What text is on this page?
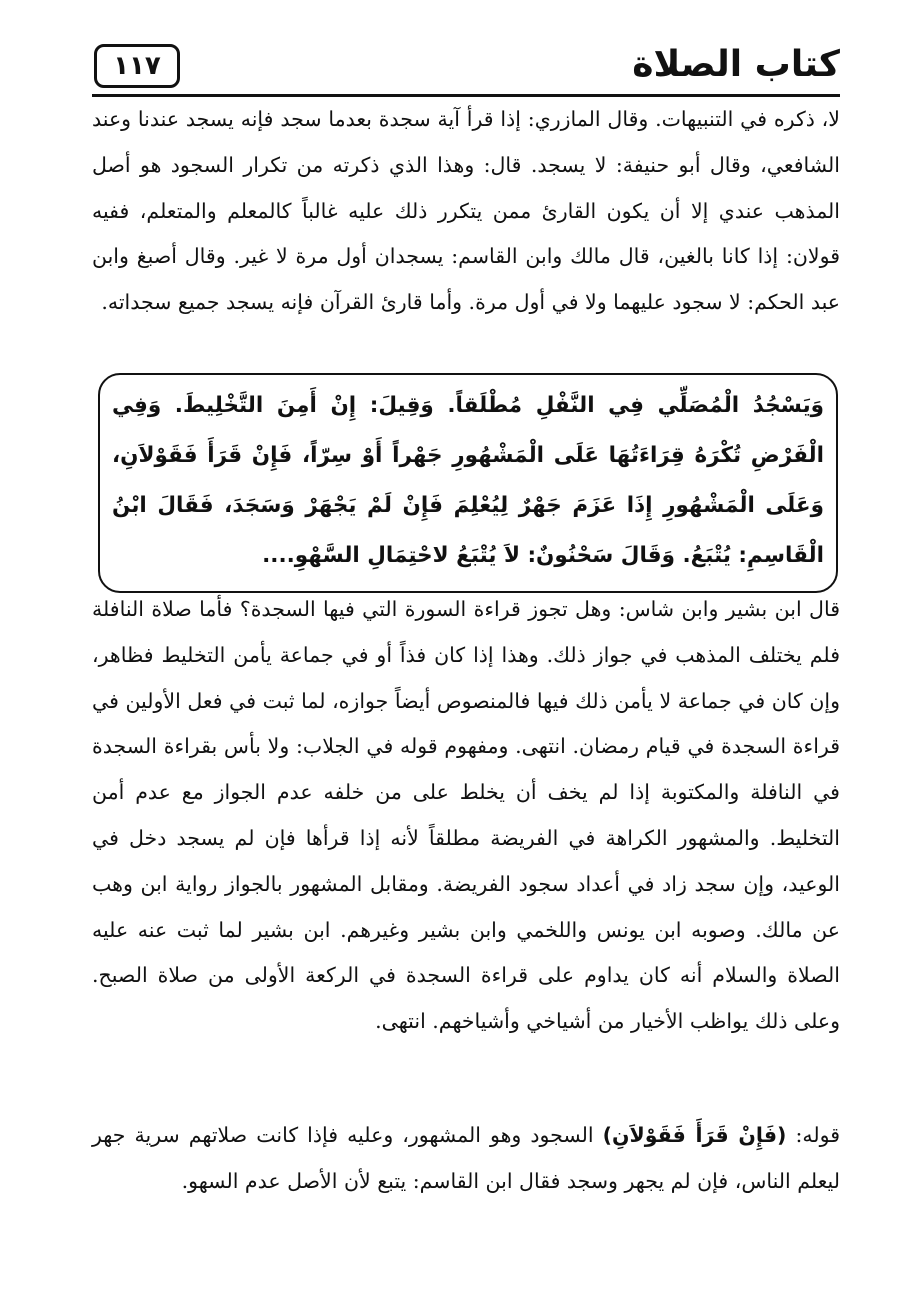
١١٧	كتاب الصلاة
لا، ذكره في التنبيهات. وقال المازري: إذا قرأ آية سجدة بعدما سجد فإنه يسجد عندنا وعند الشافعي، وقال أبو حنيفة: لا يسجد. قال: وهذا الذي ذكرته من تكرار السجود هو أصل المذهب عندي إلا أن يكون القارئ ممن يتكرر ذلك عليه غالباً كالمعلم والمتعلم، ففيه قولان: إذا كانا بالغين، قال مالك وابن القاسم: يسجدان أول مرة لا غير. وقال أصبغ وابن عبد الحكم: لا سجود عليهما ولا في أول مرة. وأما قارئ القرآن فإنه يسجد جميع سجداته.
وَيَسْجُدُ الْمُصَلِّي فِي النَّفْلِ مُطْلَقاً. وَقِيلَ: إِنْ أَمِنَ التَّخْلِيطَ. وَفِي الْفَرْضِ تُكْرَهُ قِرَاءَتُهَا عَلَى الْمَشْهُورِ جَهْراً أَوْ سِرّاً، فَإِنْ قَرَأَ فَقَوْلاَنِ، وَعَلَى الْمَشْهُورِ إِذَا عَزَمَ جَهْرٌ لِيُعْلِمَ فَإِنْ لَمْ يَجْهَرْ وَسَجَدَ، فَقَالَ ابْنُ الْقَاسِمِ: يُتْبَعُ. وَقَالَ سَحْنُونٌ: لاَ يُتْبَعُ لاحْتِمَالِ السَّهْوِ....
قال ابن بشير وابن شاس: وهل تجوز قراءة السورة التي فيها السجدة؟ فأما صلاة النافلة فلم يختلف المذهب في جواز ذلك. وهذا إذا كان فذاً أو في جماعة يأمن التخليط فظاهر، وإن كان في جماعة لا يأمن ذلك فيها فالمنصوص أيضاً جوازه، لما ثبت في فعل الأولين في قراءة السجدة في قيام رمضان. انتهى. ومفهوم قوله في الجلاب: ولا بأس بقراءة السجدة في النافلة والمكتوبة إذا لم يخف أن يخلط على من خلفه عدم الجواز مع عدم أمن التخليط. والمشهور الكراهة في الفريضة مطلقاً لأنه إذا قرأها فإن لم يسجد دخل في الوعيد، وإن سجد زاد في أعداد سجود الفريضة. ومقابل المشهور بالجواز رواية ابن وهب عن مالك. وصوبه ابن يونس واللخمي وابن بشير وغيرهم. ابن بشير لما ثبت عنه عليه الصلاة والسلام أنه كان يداوم على قراءة السجدة في الركعة الأولى من صلاة الصبح. وعلى ذلك يواظب الأخيار من أشياخي وأشياخهم. انتهى.
قوله: (فَإِنْ قَرَأَ فَقَوْلاَنِ) السجود وهو المشهور، وعليه فإذا كانت صلاتهم سرية جهر ليعلم الناس، فإن لم يجهر وسجد فقال ابن القاسم: يتبع لأن الأصل عدم السهو.
